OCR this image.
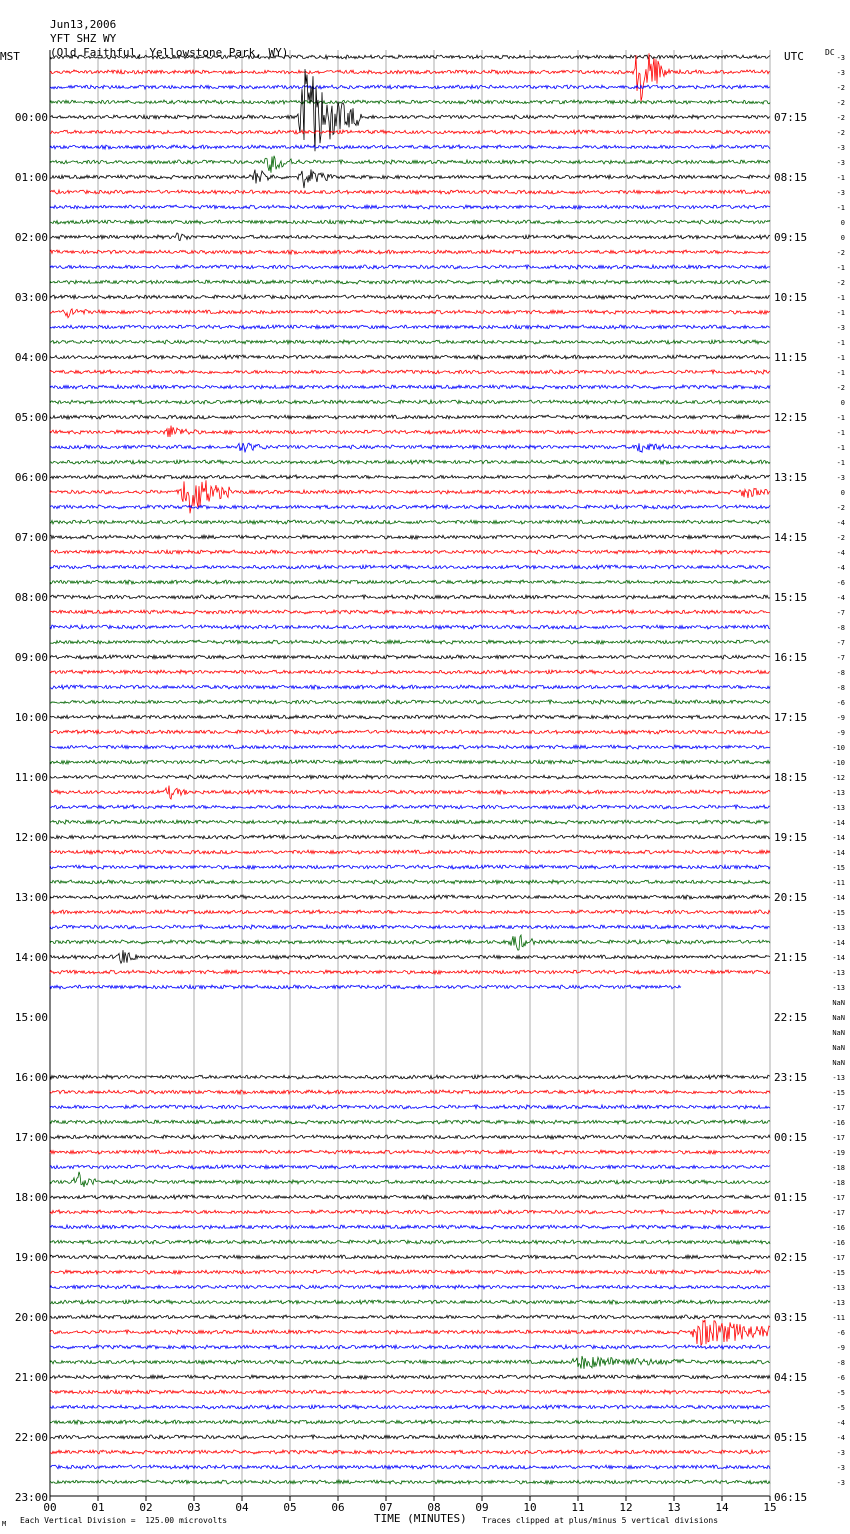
00	01	02	03	04	05	06	07	08	09	10	11	12	13	14	15
-3
-3
-2
-2
-2
-2
-3
-3
-1
-3
-1
0
0
-2
-1
-2
-1
-1
-3
-1
-1
-1
-2
0
-1
-1
-1
-1
-3
0
-2
-4
-2
-4
-4
-6
-4
-7
-8
-7
-7
-8
-8
-6
-9
-9
-10
-10
-12
-13
-13
-14
-14
-14
-15
-11
-14
-15
-13
-14
-14
-13
-13
NaN
NaN
NaN
NaN
NaN
-13
-15
-17
-16
-17
-19
-18
-18
-17
-17
-16
-16
-17
-15
-13
-13
-11
-6
-9
-8
-6
-5
-5
-4
-4
-3
-3
-3
00:00	07:15
01:00	08:15
02:00	09:15
03:00	10:15
04:00	11:15
05:00	12:15
06:00	13:15
07:00	14:15
08:00	15:15
09:00	16:15
10:00	17:15
11:00	18:15
12:00	19:15
13:00	20:15
14:00	21:15
15:00	22:15
16:00	23:15
17:00	00:15
18:00	01:15
19:00	02:15
20:00	03:15
21:00	04:15
22:00	05:15
23:00	06:15

Jun13,2006
YFT SHZ WY
(Old Faithful, Yellowstone Park, WY)

MST	UTC	DC
TIME (MINUTES)
M Each Vertical Division =  125.00 microvolts	Traces clipped at plus/minus 5 vertical divisions
